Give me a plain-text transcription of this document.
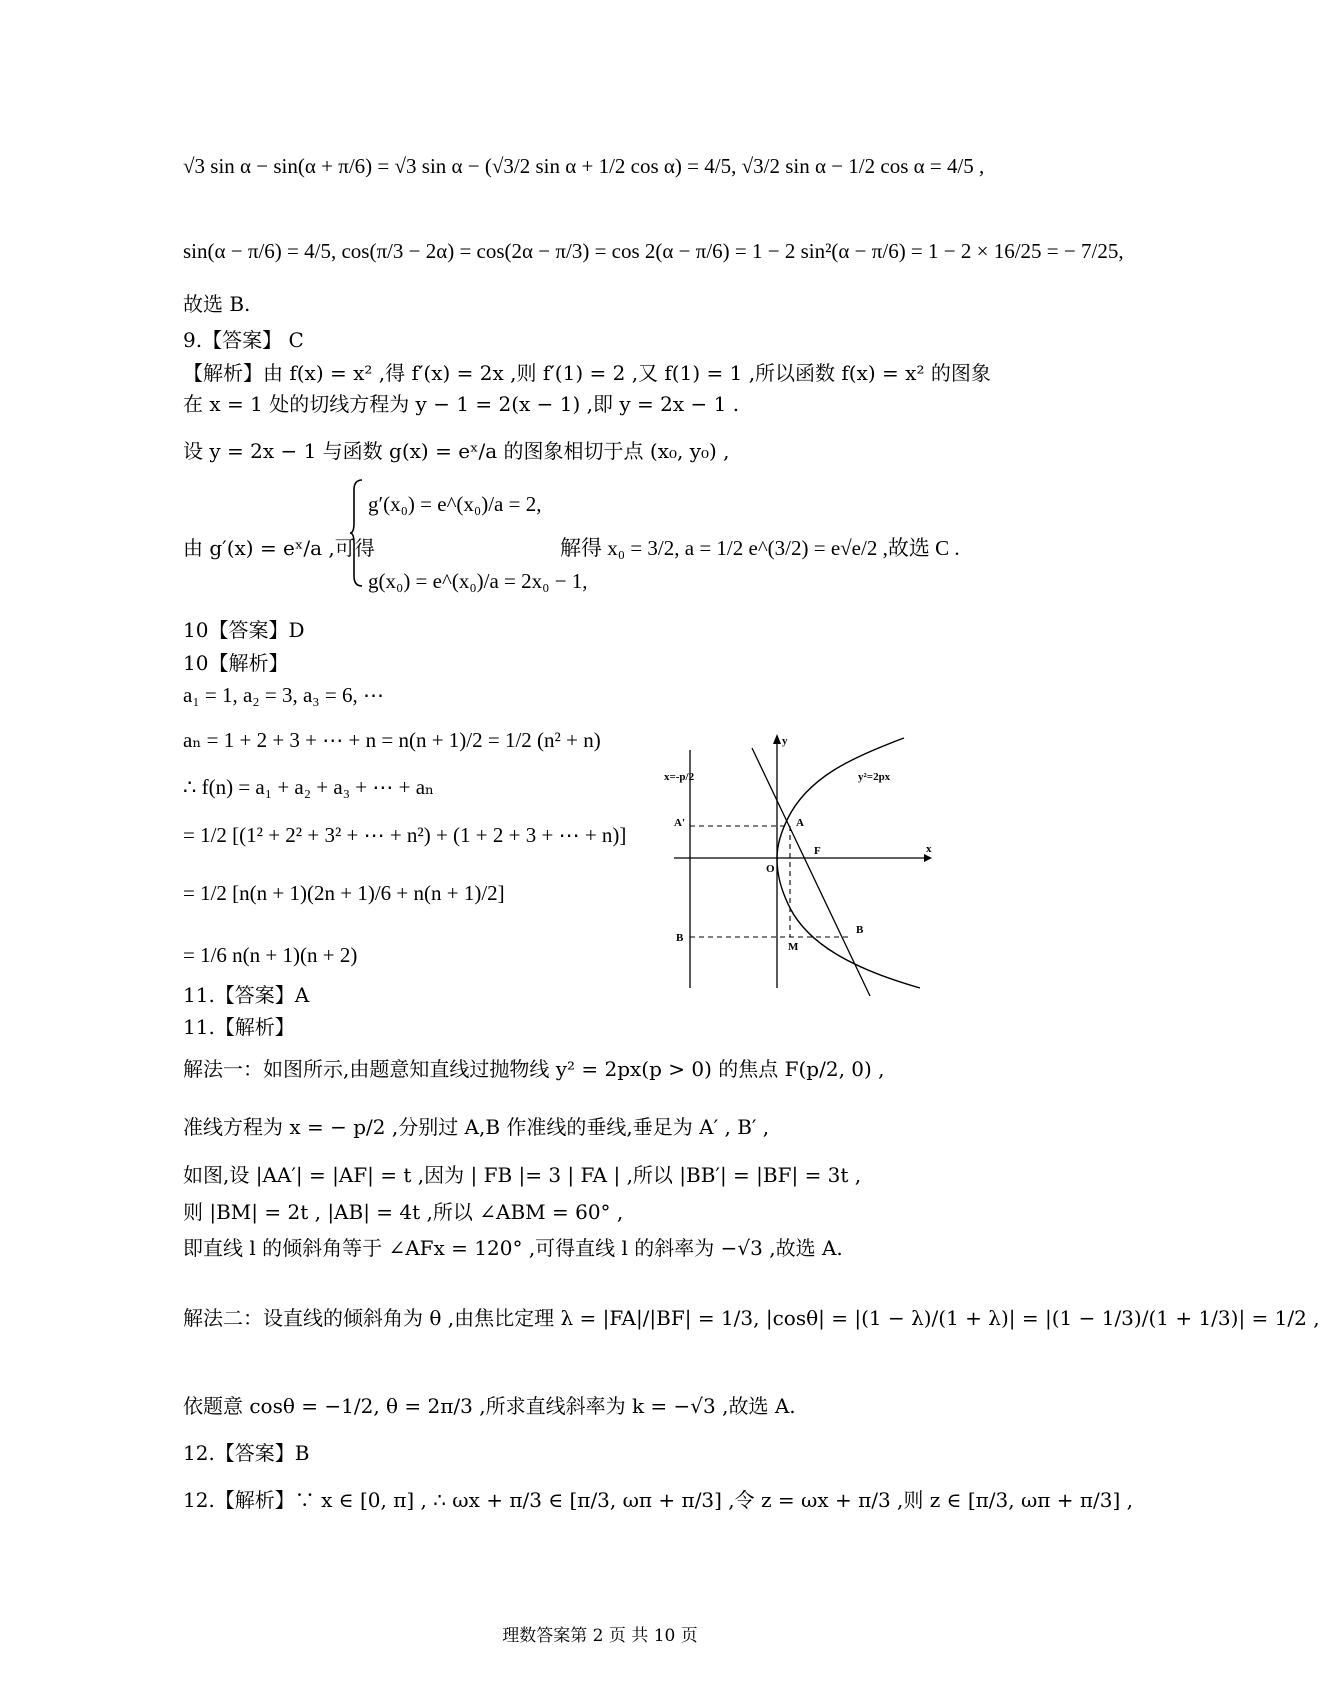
√3 sin α − sin(α + π/6) = √3 sin α − (√3/2 sin α + 1/2 cos α) = 4/5, √3/2 sin α − 1/2 cos α = 4/5 ,
sin(α − π/6) = 4/5, cos(π/3 − 2α) = cos(2α − π/3) = cos 2(α − π/6) = 1 − 2 sin²(α − π/6) = 1 − 2 × 16/25 = − 7/25,
故选 B.
9.【答案】 C
【解析】由 f(x) = x² ,得 f′(x) = 2x ,则 f′(1) = 2 ,又 f(1) = 1 ,所以函数 f(x) = x² 的图象
在 x = 1 处的切线方程为 y − 1 = 2(x − 1) ,即 y = 2x − 1 .
设 y = 2x − 1 与函数 g(x) = eˣ/a 的图象相切于点 (x₀, y₀) ,
由 g′(x) = eˣ/a ,可得
g′(x₀) = e^(x₀)/a = 2,
g(x₀) = e^(x₀)/a = 2x₀ − 1,
解得 x₀ = 3/2, a = 1/2 e^(3/2) = e√e/2 ,故选 C .
10【答案】D
10【解析】
a₁ = 1, a₂ = 3, a₃ = 6, ⋯
aₙ = 1 + 2 + 3 + ⋯ + n = n(n + 1)/2 = 1/2 (n² + n)
∴ f(n) = a₁ + a₂ + a₃ + ⋯ + aₙ
= 1/2 [(1² + 2² + 3² + ⋯ + n²) + (1 + 2 + 3 + ⋯ + n)]
= 1/2 [n(n + 1)(2n + 1)/6 + n(n + 1)/2]
= 1/6 n(n + 1)(n + 2)
11.【答案】A
11.【解析】
解法一：如图所示,由题意知直线过抛物线 y² = 2px(p > 0) 的焦点 F(p/2, 0) ,
准线方程为 x = − p/2 ,分别过 A,B 作准线的垂线,垂足为 A′ , B′ ,
如图,设 |AA′| = |AF| = t ,因为 | FB |= 3 | FA | ,所以 |BB′| = |BF| = 3t ,
则 |BM| = 2t , |AB| = 4t ,所以 ∠ABM = 60° ,
即直线 l 的倾斜角等于 ∠AFx = 120° ,可得直线 l 的斜率为 −√3 ,故选 A.
解法二：设直线的倾斜角为 θ ,由焦比定理 λ = |FA|/|BF| = 1/3, |cosθ| = |(1 − λ)/(1 + λ)| = |(1 − 1/3)/(1 + 1/3)| = 1/2 ,
依题意 cosθ = −1/2, θ = 2π/3 ,所求直线斜率为 k = −√3 ,故选 A.
12.【答案】B
12.【解析】∵ x ∈ [0, π] , ∴ ωx + π/3 ∈ [π/3, ωπ + π/3] ,令 z = ωx + π/3 ,则 z ∈ [π/3, ωπ + π/3] ,
x=-p/2	y²=2px
y
x
O
F
A
A'
B
B
M
理数答案第 2 页 共 10 页
